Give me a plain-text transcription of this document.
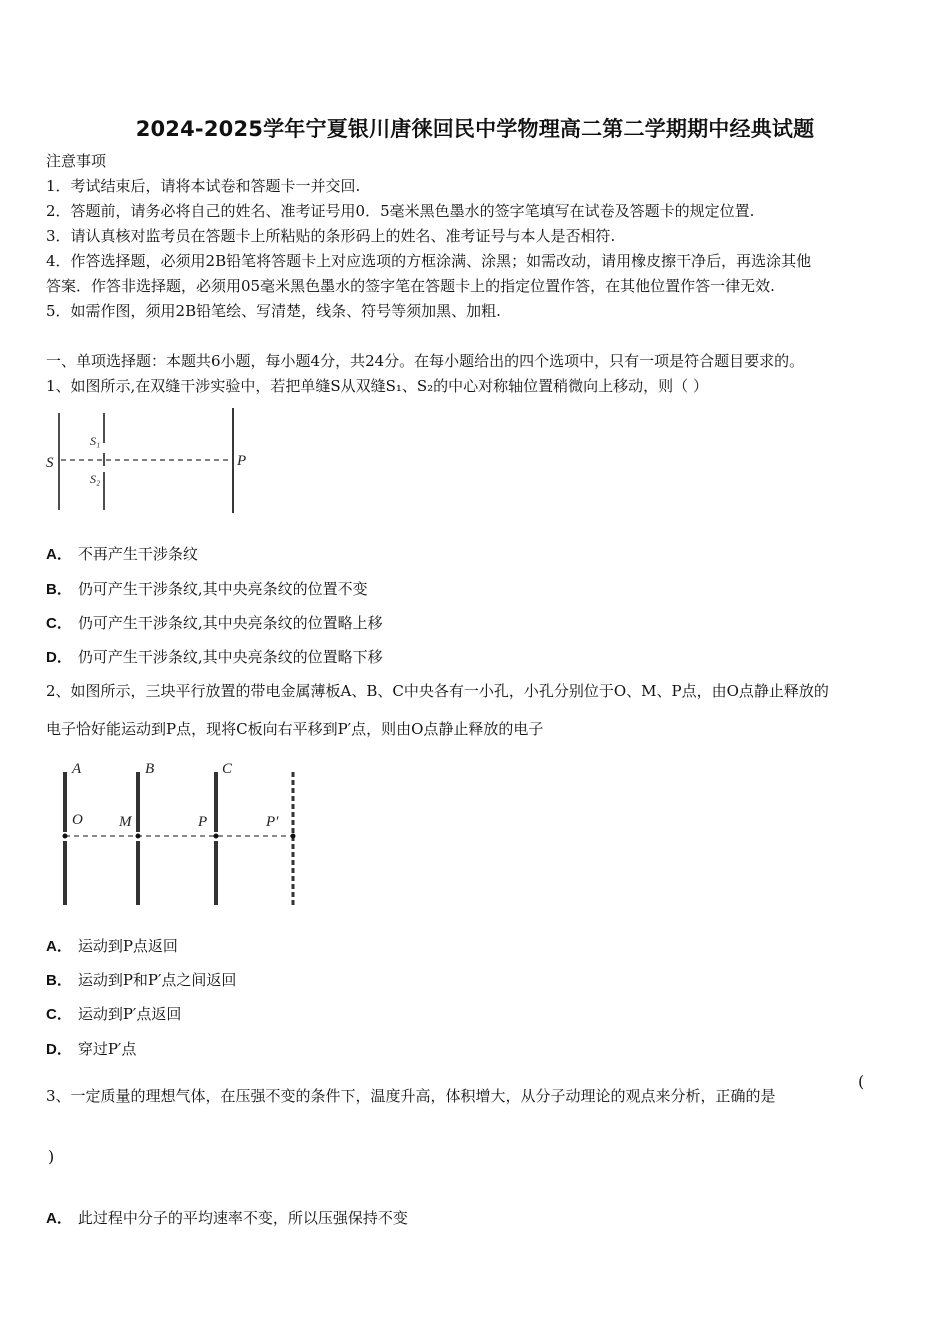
2024-2025学年宁夏银川唐徕回民中学物理高二第二学期期中经典试题
注意事项
1．考试结束后，请将本试卷和答题卡一并交回.
2．答题前，请务必将自己的姓名、准考证号用0．5毫米黑色墨水的签字笔填写在试卷及答题卡的规定位置.
3．请认真核对监考员在答题卡上所粘贴的条形码上的姓名、准考证号与本人是否相符.
4．作答选择题，必须用2B铅笔将答题卡上对应选项的方框涂满、涂黑；如需改动，请用橡皮擦干净后，再选涂其他
答案．作答非选择题，必须用05毫米黑色墨水的签字笔在答题卡上的指定位置作答，在其他位置作答一律无效.
5．如需作图，须用2B铅笔绘、写清楚，线条、符号等须加黑、加粗.
一、单项选择题：本题共6小题，每小题4分，共24分。在每小题给出的四个选项中，只有一项是符合题目要求的。
1、如图所示,在双缝干涉实验中，若把单缝S从双缝S₁、S₂的中心对称轴位置稍微向上移动，则（ ）
S
S₁
S₂
P
A． 不再产生干涉条纹
B． 仍可产生干涉条纹,其中央亮条纹的位置不变
C． 仍可产生干涉条纹,其中央亮条纹的位置略上移
D． 仍可产生干涉条纹,其中央亮条纹的位置略下移
2、如图所示，三块平行放置的带电金属薄板A、B、C中央各有一小孔，小孔分别位于O、M、P点，由O点静止释放的
电子恰好能运动到P点，现将C板向右平移到P′点，则由O点静止释放的电子
A	B	C
O M	P	P′
A． 运动到P点返回
B． 运动到P和P′点之间返回
C． 运动到P′点返回
D． 穿过P′点
3、一定质量的理想气体，在压强不变的条件下，温度升高，体积增大，从分子动理论的观点来分析，正确的是
(
)
A． 此过程中分子的平均速率不变，所以压强保持不变
